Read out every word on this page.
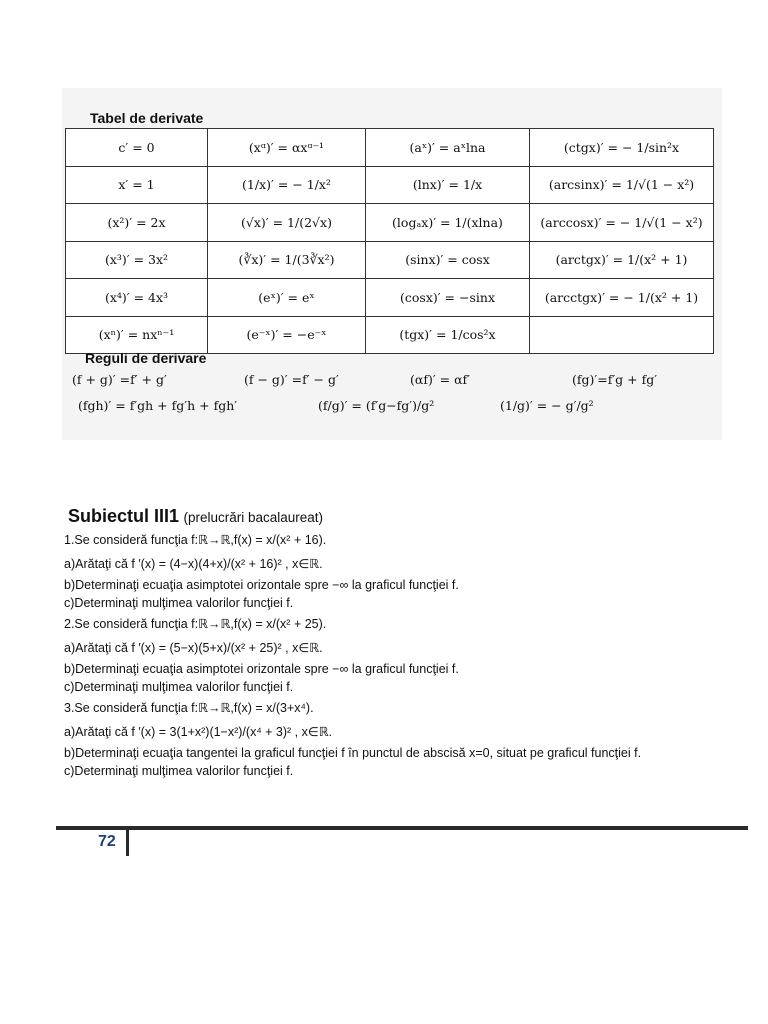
Tabel de derivate
c′ = 0	(xᵅ)′ = αxᵅ⁻¹	(aˣ)′ = aˣlna	(ctgx)′ = − 1/sin²x
x′ = 1	(1/x)′ = − 1/x²	(lnx)′ = 1/x	(arcsinx)′ = 1/√(1 − x²)
(x²)′ = 2x	(√x)′ = 1/(2√x)	(logₐx)′ = 1/(xlna)	(arccosx)′ = − 1/√(1 − x²)
(x³)′ = 3x²	(∛x)′ = 1/(3∛x²)	(sinx)′ = cosx	(arctgx)′ = 1/(x² + 1)
(x⁴)′ = 4x³	(eˣ)′ = eˣ	(cosx)′ = −sinx	(arcctgx)′ = − 1/(x² + 1)
(xⁿ)′ = nxⁿ⁻¹	(e⁻ˣ)′ = −e⁻ˣ	(tgx)′ = 1/cos²x	
Reguli de derivare
(f + g)′ =f′ + g′	(f − g)′ =f′ − g′	(αf)′ = αf′	(fg)′=f′g + fg′
(fgh)′ = f′gh + fg′h + fgh′	(f/g)′ = (f′g−fg′)/g²	(1/g)′ = − g′/g²
Subiectul III1 (prelucrări bacalaureat)

1.Se consideră funcţia f:ℝ→ℝ,f(x) = x/(x² + 16).

a)Arătaţi că f ′(x) = (4−x)(4+x)/(x² + 16)² , x∈ℝ.

b)Determinaţi ecuaţia asimptotei orizontale spre −∞ la graficul funcţiei f.

c)Determinaţi mulţimea valorilor funcţiei f.

2.Se consideră funcţia f:ℝ→ℝ,f(x) = x/(x² + 25).

a)Arătaţi că f ′(x) = (5−x)(5+x)/(x² + 25)² , x∈ℝ.

b)Determinaţi ecuaţia asimptotei orizontale spre −∞ la graficul funcţiei f.

c)Determinaţi mulţimea valorilor funcţiei f.

3.Se consideră funcţia f:ℝ→ℝ,f(x) = x/(3+x⁴).

a)Arătaţi că f ′(x) = 3(1+x²)(1−x²)/(x⁴ + 3)² , x∈ℝ.

b)Determinaţi ecuaţia tangentei la graficul funcţiei f în punctul de abscisă x=0, situat pe graficul funcţiei f.

c)Determinaţi mulţimea valorilor funcţiei f.

72
